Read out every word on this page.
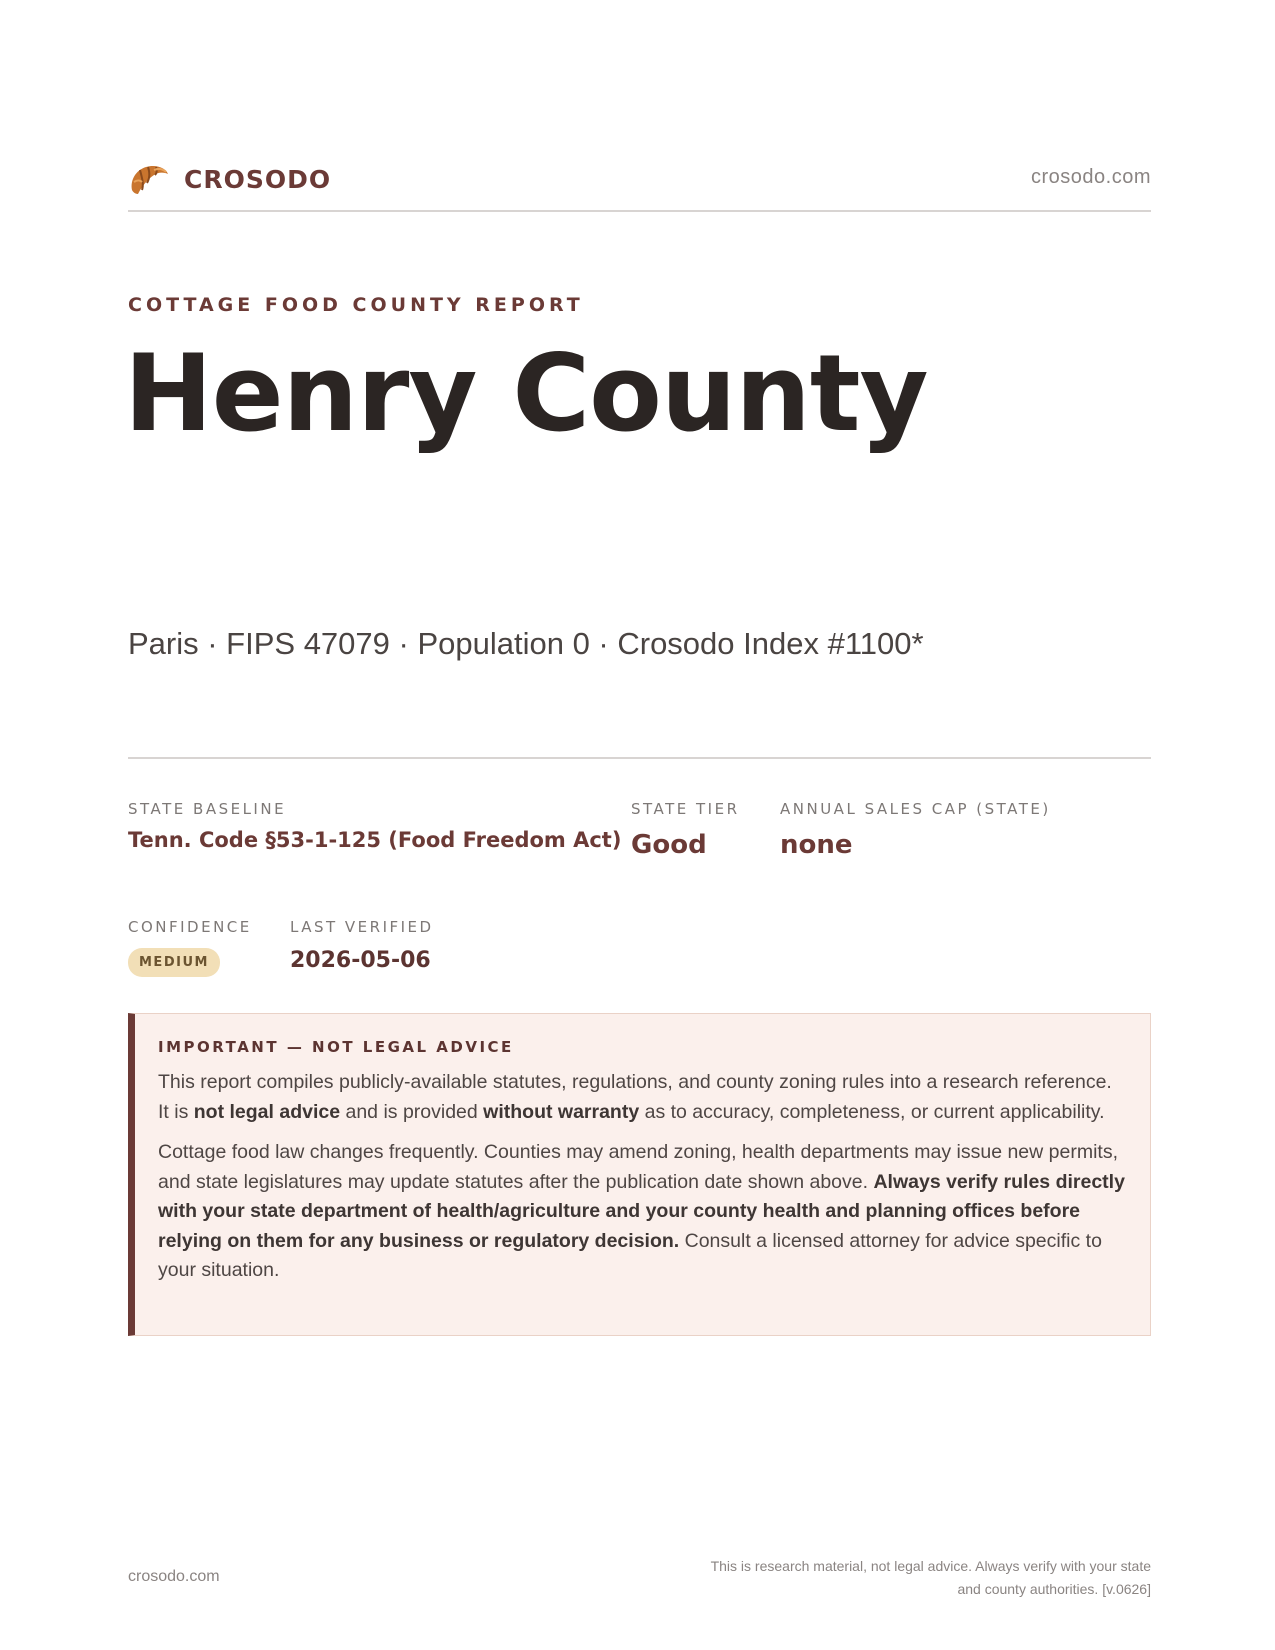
CROSODO	crosodo.com
COTTAGE FOOD COUNTY REPORT
Henry County
Paris · FIPS 47079 · Population 0 · Crosodo Index #1100*
STATE BASELINE
Tenn. Code §53-1-125 (Food Freedom Act)
STATE TIER
Good
ANNUAL SALES CAP (STATE)
none
CONFIDENCE
MEDIUM
LAST VERIFIED
2026-05-06
IMPORTANT — NOT LEGAL ADVICE

This report compiles publicly-available statutes, regulations, and county zoning rules into a research reference. It is not legal advice and is provided without warranty as to accuracy, completeness, or current applicability.

Cottage food law changes frequently. Counties may amend zoning, health departments may issue new permits, and state legislatures may update statutes after the publication date shown above. Always verify rules directly with your state department of health/agriculture and your county health and planning offices before relying on them for any business or regulatory decision. Consult a licensed attorney for advice specific to your situation.

crosodo.com
This is research material, not legal advice. Always verify with your state
and county authorities. [v.0626]
